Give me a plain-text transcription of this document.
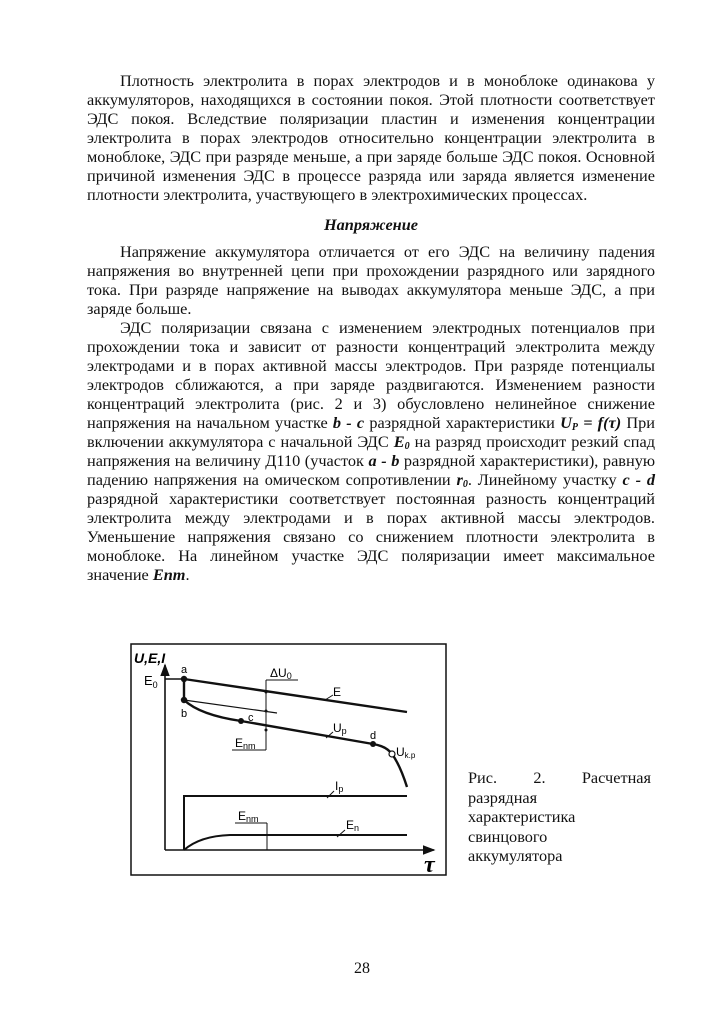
Плотность электролита в порах электродов и в моноблоке одинакова у аккумуляторов, находящихся в состоянии покоя. Этой плотности соответствует ЭДС покоя. Вследствие поляризации пластин и изменения концентрации электролита в порах электродов относительно концентрации электролита в моноблоке, ЭДС при разряде меньше, а при заряде больше ЭДС покоя. Основной причиной изменения ЭДС в процессе разряда или заряда является изменение плотности электролита, участвующего в электрохимических процессах.

Напряжение

Напряжение аккумулятора отличается от его ЭДС на величину падения напряжения во внутренней цепи при прохождении разрядного или зарядного тока. При разряде напряжение на выводах аккумулятора меньше ЭДС, а при заряде больше.

ЭДС поляризации связана с изменением электродных потенциалов при прохождении тока и зависит от разности концентраций электролита между электродами и в порах активной массы электродов. При разряде потенциалы электродов сближаются, а при заряде раздвигаются. Изменением разности концентраций электролита (рис. 2 и 3) обусловлено нелинейное снижение напряжения на начальном участке b - c разрядной характеристики $U_P = f(\tau)$ При включении аккумулятора с начальной ЭДС $E_0$ на разряд происходит резкий спад напряжения на величину Д110 (участок a - b разрядной характеристики), равную падению напряжения на омическом сопротивлении $r_0$. Линейному участку c - d разрядной характеристики соответствует постоянная разность концентраций электролита между электродами и в порах активной массы электродов. Уменьшение напряжения связано со снижением плотности электролита в моноблоке. На линейном участке ЭДС поляризации имеет максимальное значение Enm.

U,E,I
τ
$E_0$
a
b	c
d
Uk.p
ΔU0
Enm
E
Up
Ip
En
Enm
Рис. 2. Расчетная
разрядная характеристика свинцового аккумулятора
28
